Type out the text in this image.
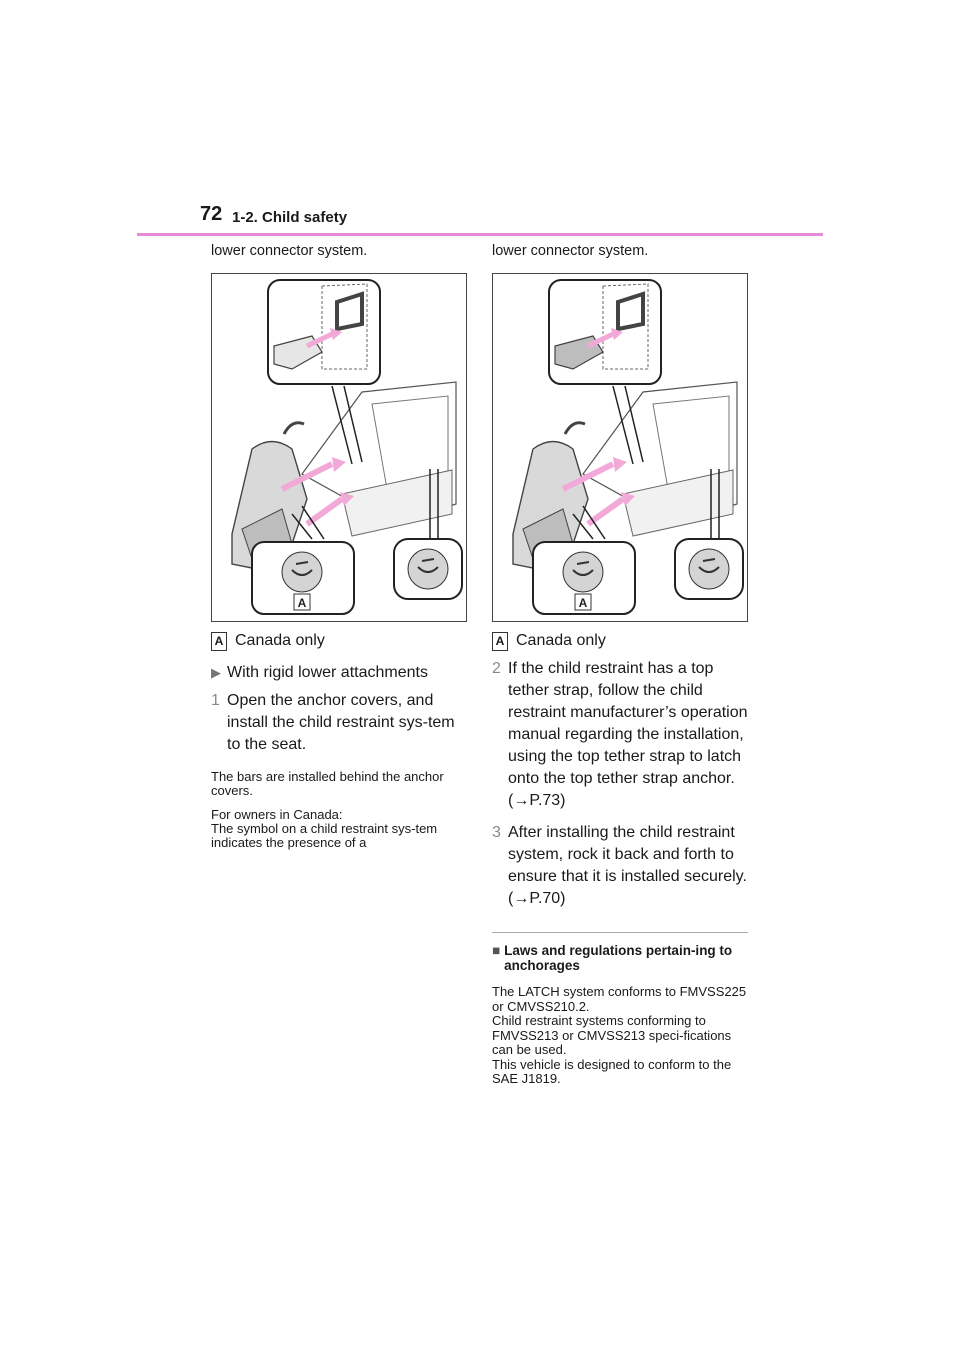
72 1-2. Child safety

lower connector system.

A

A Canada only

▶ With rigid lower attachments

1 Open the anchor covers, and install the child restraint sys-tem to the seat.

The bars are installed behind the anchor covers.

For owners in Canada:

The symbol on a child restraint sys-tem indicates the presence of a

lower connector system.

A

A Canada only

2 If the child restraint has a top tether strap, follow the child restraint manufacturer’s operation manual regarding the installation, using the top tether strap to latch onto the top tether strap anchor. (→P.73)
3 After installing the child restraint system, rock it back and forth to ensure that it is installed securely. (→P.70)
■ Laws and regulations pertain-ing to anchorages
The LATCH system conforms to FMVSS225 or CMVSS210.2.
Child restraint systems conforming to FMVSS213 or CMVSS213 speci-fications can be used.
This vehicle is designed to conform to the SAE J1819.
